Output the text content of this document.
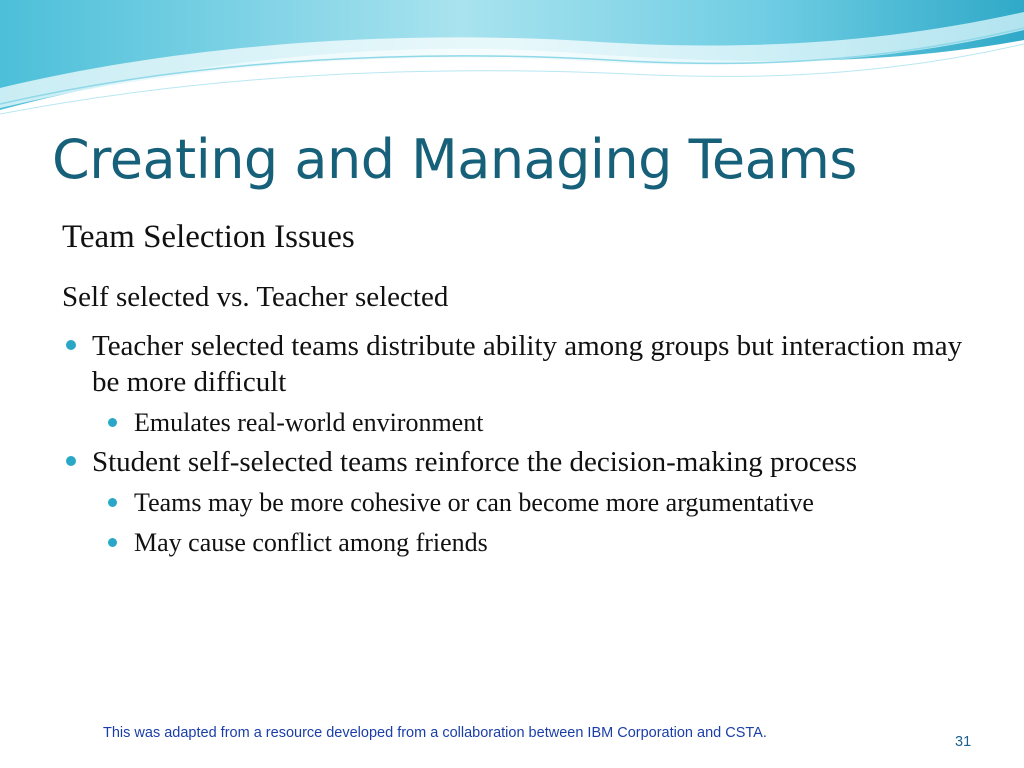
Creating and Managing Teams

Team Selection Issues

Self selected vs. Teacher selected

Teacher selected teams distribute ability among groups but interaction may be more difficult
Emulates real-world environment
Student self-selected teams reinforce the decision-making process
Teams may be more cohesive or can become more argumentative
May cause conflict among friends
This was adapted from a resource developed from a collaboration between IBM Corporation and CSTA.
31
